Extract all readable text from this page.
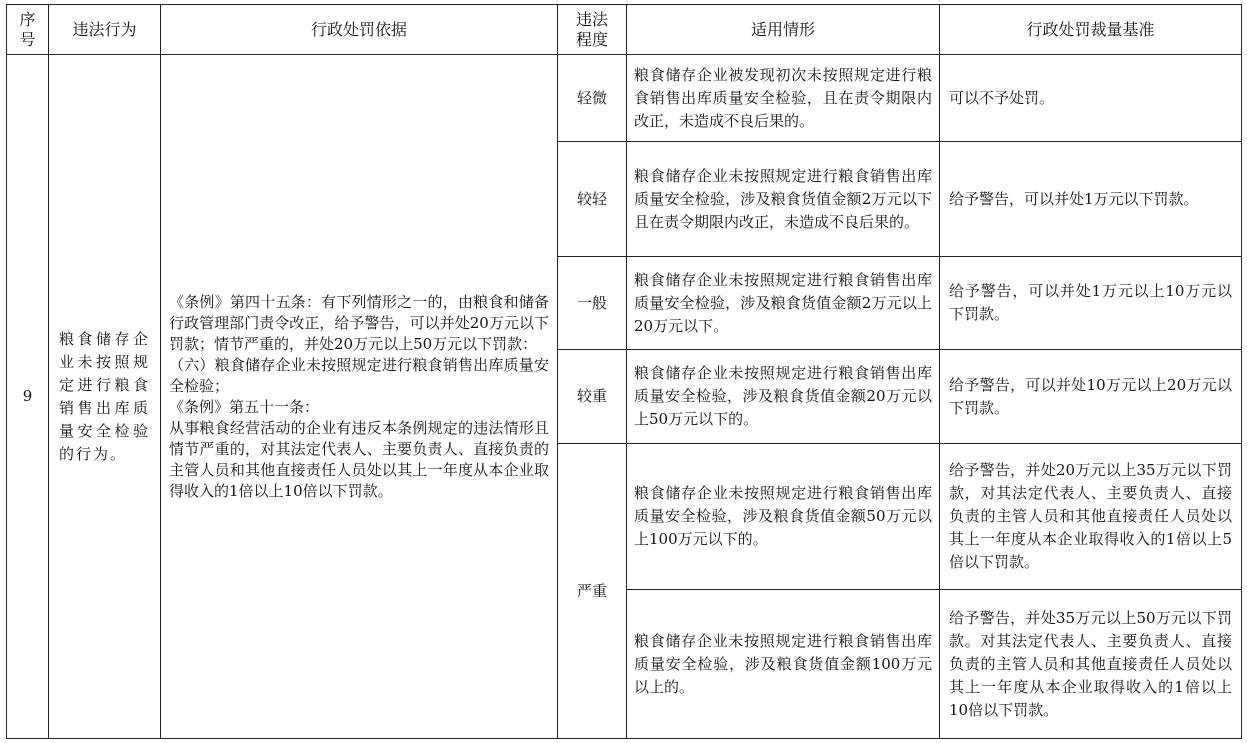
序号	违法行为	行政处罚依据	违法程度	适用情形	行政处罚裁量基准
9	粮食储存企业未按照规定进行粮食销售出库质量安全检验的行为。	《条例》第四十五条：有下列情形之一的，由粮食和储备行政管理部门责令改正，给予警告，可以并处20万元以下罚款；情节严重的，并处20万元以上50万元以下罚款：
（六）粮食储存企业未按照规定进行粮食销售出库质量安全检验；
《条例》第五十一条：
从事粮食经营活动的企业有违反本条例规定的违法情形且情节严重的，对其法定代表人、主要负责人、直接负责的主管人员和其他直接责任人员处以其上一年度从本企业取得收入的1倍以上10倍以下罚款。	轻微	粮食储存企业被发现初次未按照规定进行粮食销售出库质量安全检验，且在责令期限内改正，未造成不良后果的。	可以不予处罚。
			较轻	粮食储存企业未按照规定进行粮食销售出库质量安全检验，涉及粮食货值金额2万元以下且在责令期限内改正，未造成不良后果的。	给予警告，可以并处1万元以下罚款。
			一般	粮食储存企业未按照规定进行粮食销售出库质量安全检验，涉及粮食货值金额2万元以上20万元以下。	给予警告，可以并处1万元以上10万元以下罚款。
			较重	粮食储存企业未按照规定进行粮食销售出库质量安全检验，涉及粮食货值金额20万元以上50万元以下的。	给予警告，可以并处10万元以上20万元以下罚款。
			严重	粮食储存企业未按照规定进行粮食销售出库质量安全检验，涉及粮食货值金额50万元以上100万元以下的。	给予警告，并处20万元以上35万元以下罚款，对其法定代表人、主要负责人、直接负责的主管人员和其他直接责任人员处以其上一年度从本企业取得收入的1倍以上5倍以下罚款。
				粮食储存企业未按照规定进行粮食销售出库质量安全检验，涉及粮食货值金额100万元以上的。	给予警告，并处35万元以上50万元以下罚款。对其法定代表人、主要负责人、直接负责的主管人员和其他直接责任人员处以其上一年度从本企业取得收入的1倍以上10倍以下罚款。
